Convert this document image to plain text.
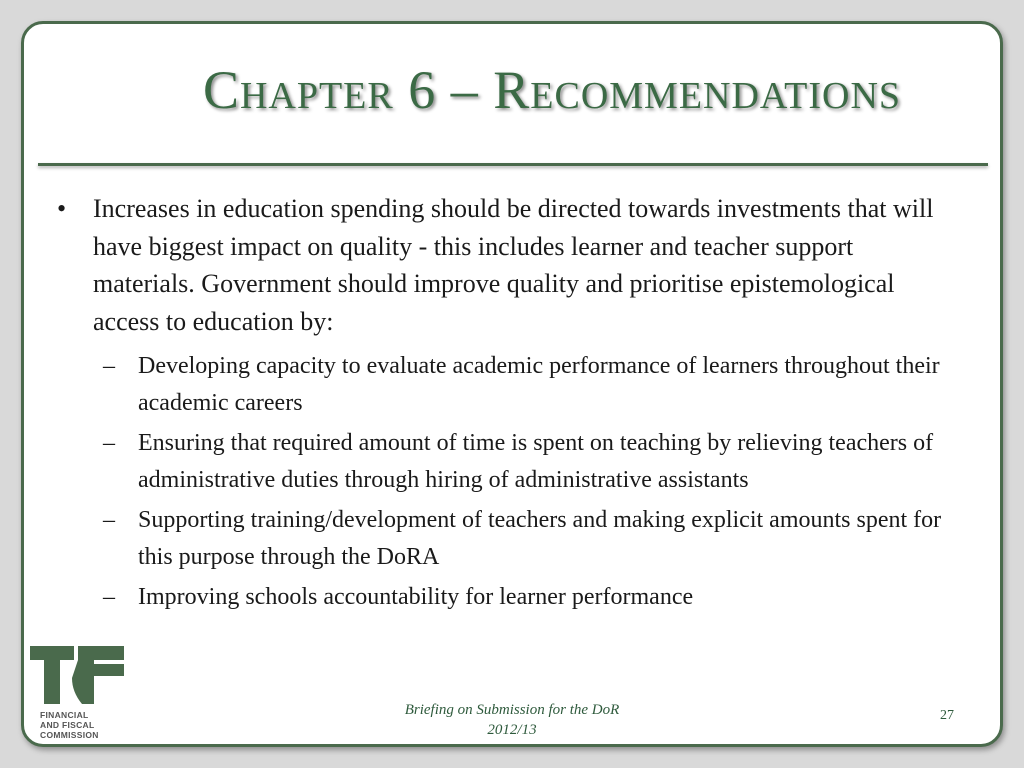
Chapter 6 – Recommendations
• Increases in education spending should be directed towards investments that will have biggest impact on quality - this includes learner and teacher support materials. Government should improve quality and prioritise epistemological access to education by:
– Developing capacity to evaluate academic performance of learners throughout their academic careers
– Ensuring that required amount of time is spent on teaching by relieving teachers of administrative duties through hiring of administrative assistants
– Supporting training/development of teachers and making explicit amounts spent for this purpose through the DoRA
– Improving schools accountability for learner performance
FINANCIAL
AND FISCAL
COMMISSION
Briefing on Submission for the DoR
2012/13
27
